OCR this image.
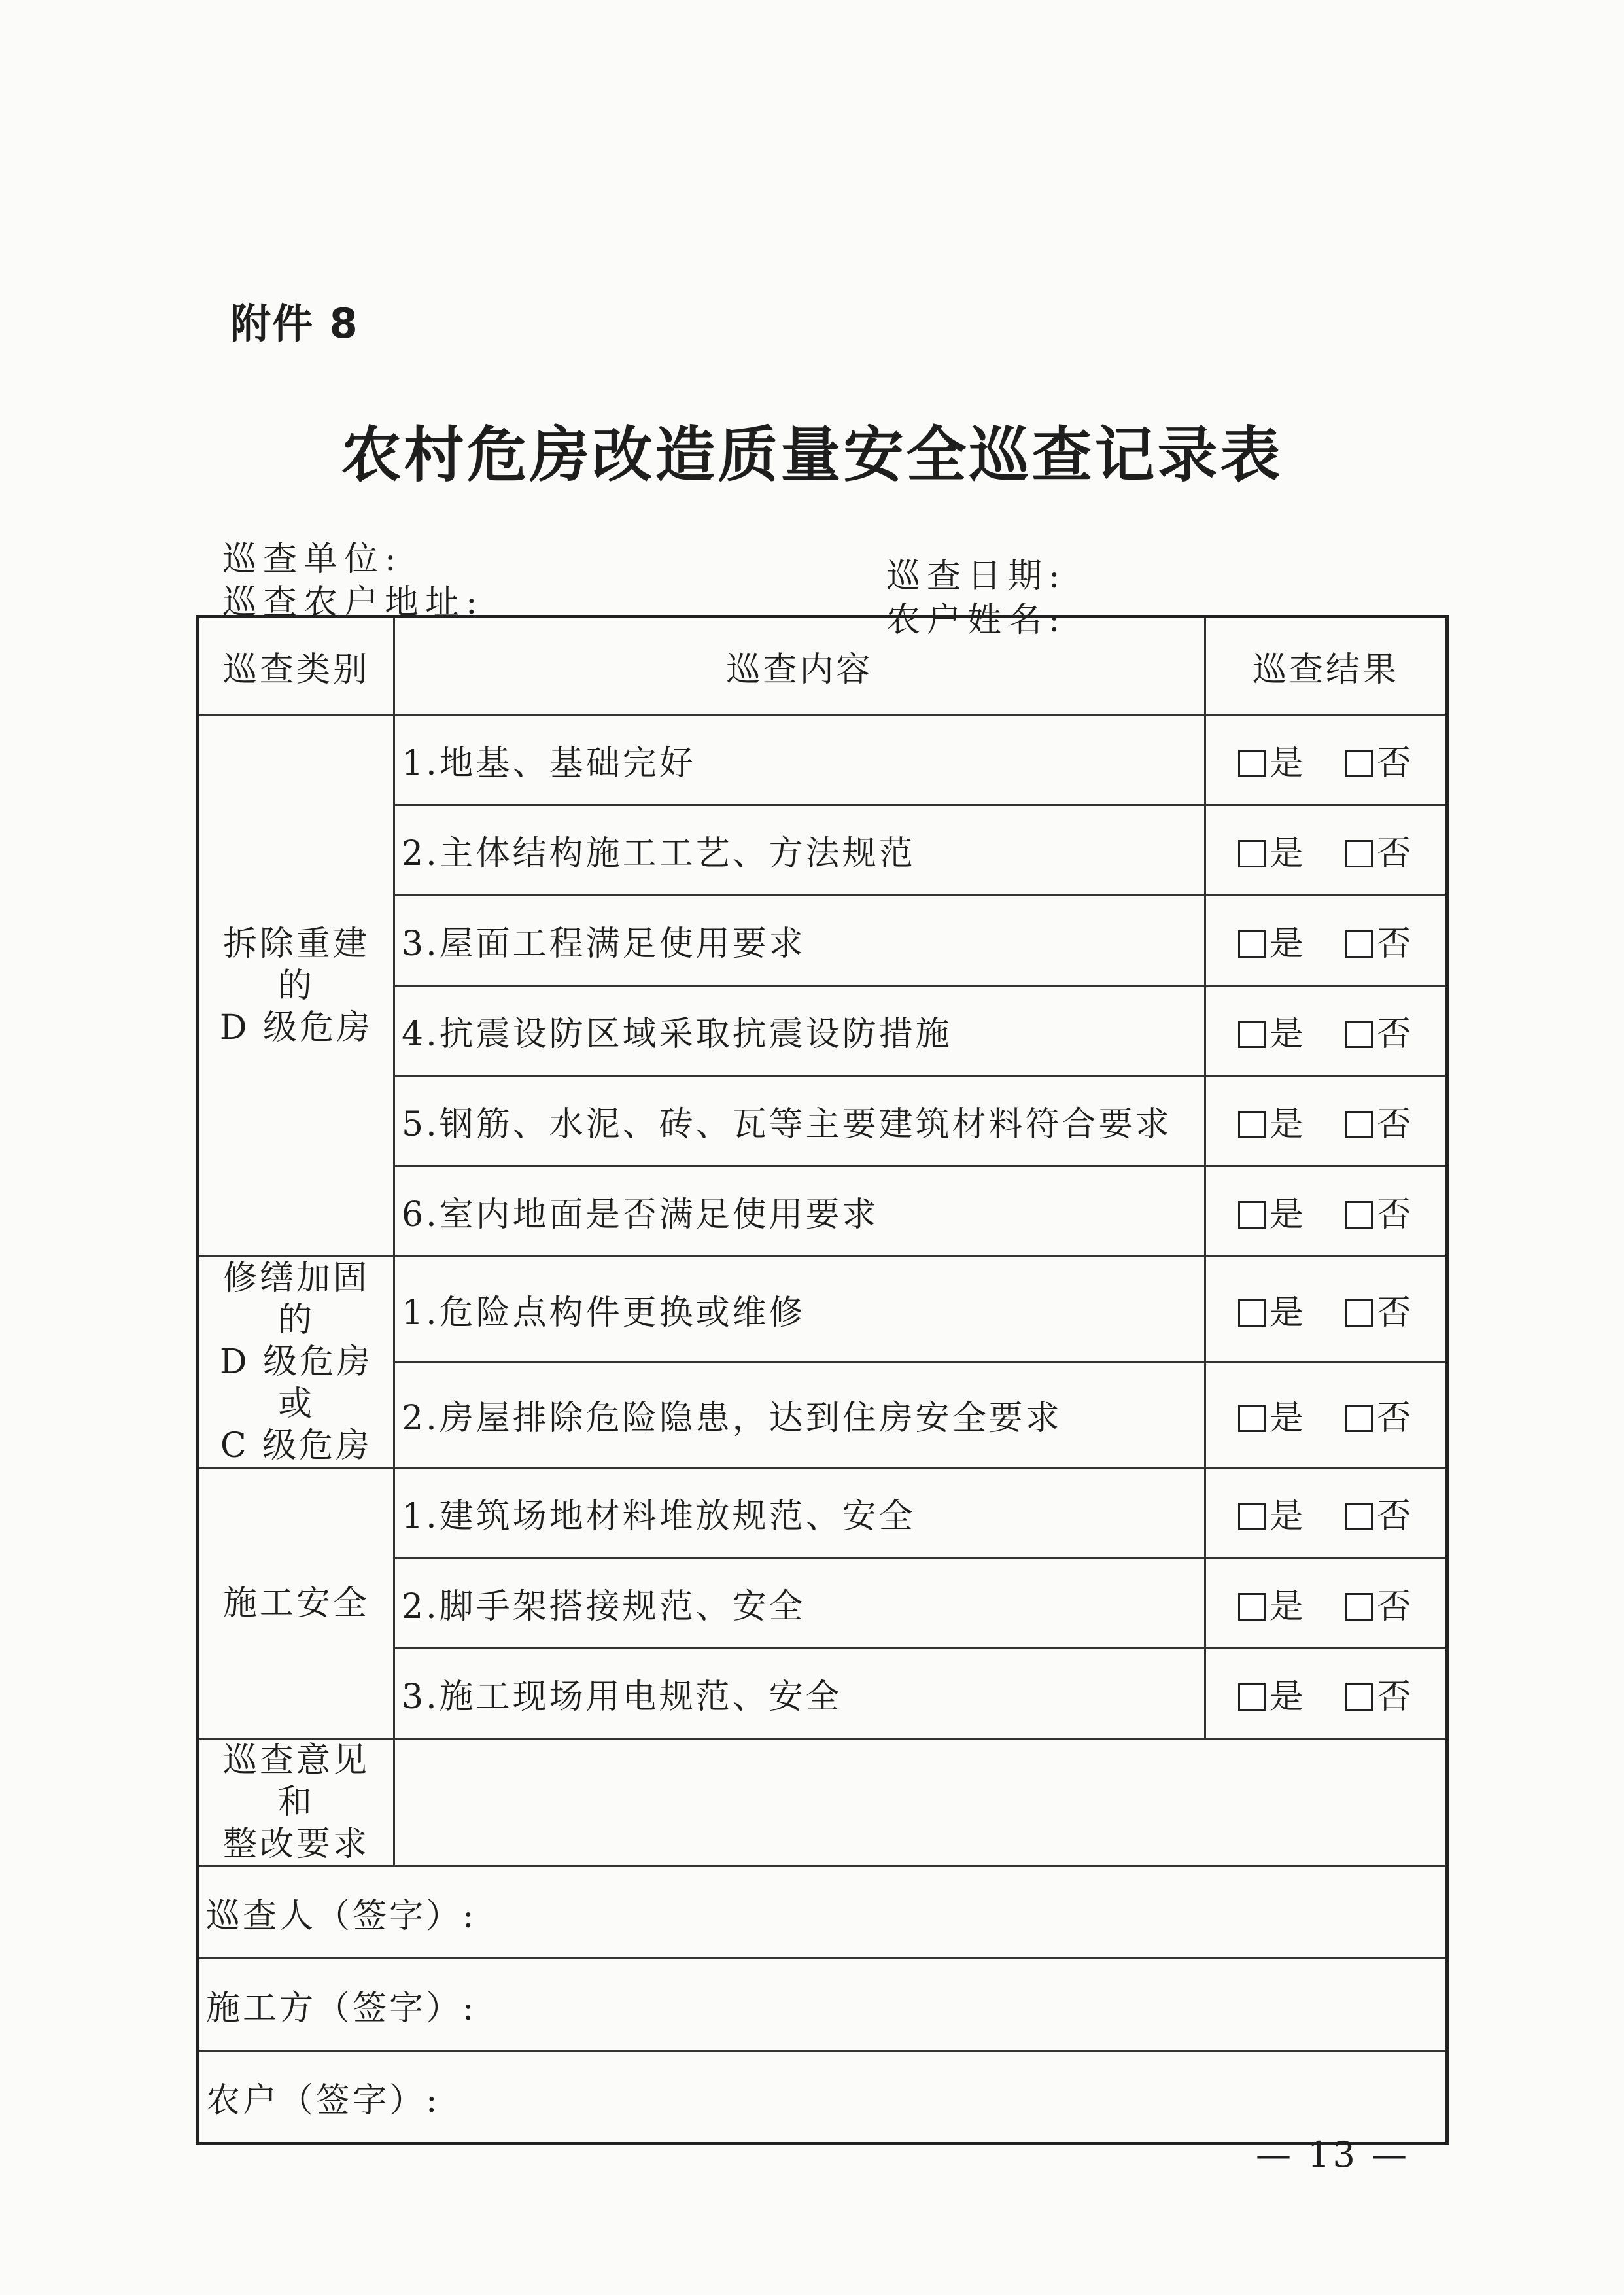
附件 8
农村危房改造质量安全巡查记录表
巡查单位:	巡查日期:
巡查农户地址:	农户姓名:
巡查类别	巡查内容	巡查结果

拆除重建的
D 级危房	1.地基、基础完好	是 否
	2.主体结构施工工艺、方法规范	是 否
	3.屋面工程满足使用要求	是 否
	4.抗震设防区域采取抗震设防措施	是 否
	5.钢筋、水泥、砖、瓦等主要建筑材料符合要求	是 否
	6.室内地面是否满足使用要求	是 否

修缮加固的
D 级危房或
C 级危房	1.危险点构件更换或维修	是 否
	2.房屋排除危险隐患，达到住房安全要求	是 否

施工安全	1.建筑场地材料堆放规范、安全	是 否
	2.脚手架搭接规范、安全	是 否
	3.施工现场用电规范、安全	是 否

巡查意见和
整改要求		

巡查人（签字）:		
施工方（签字）:		
农户（签字）:		
— 13 —
